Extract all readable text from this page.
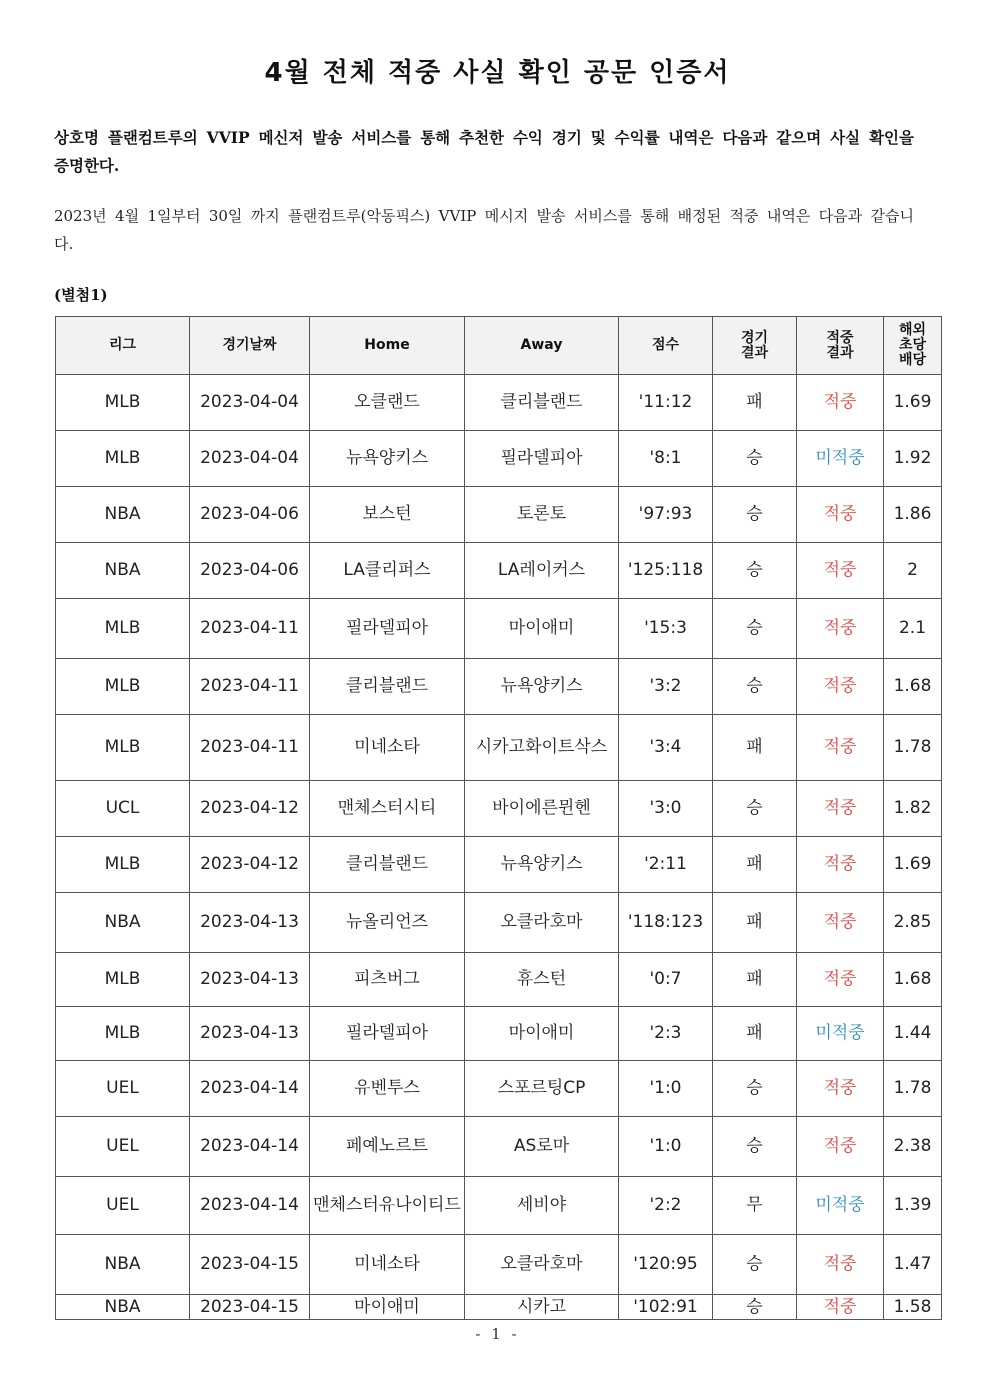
4월 전체 적중 사실 확인 공문 인증서
상호명 플랜컴트루의 VVIP 메신저 발송 서비스를 통해 추천한 수익 경기 및 수익률 내역은 다음과 같으며 사실 확인을 증명한다.
2023년 4월 1일부터 30일 까지 플랜컴트루(악동픽스) VVIP 메시지 발송 서비스를 통해 배정된 적중 내역은 다음과 같습니다.
(별첨1)
리그	경기날짜	Home	Away	점수	경기 결과	적중 결과	해외 초당 배당
MLB	2023-04-04	오클랜드	클리블랜드	'11:12	패	적중	1.69
MLB	2023-04-04	뉴욕양키스	필라델피아	'8:1	승	미적중	1.92
NBA	2023-04-06	보스턴	토론토	'97:93	승	적중	1.86
NBA	2023-04-06	LA클리퍼스	LA레이커스	'125:118	승	적중	2
MLB	2023-04-11	필라델피아	마이애미	'15:3	승	적중	2.1
MLB	2023-04-11	클리블랜드	뉴욕양키스	'3:2	승	적중	1.68
MLB	2023-04-11	미네소타	시카고화이트삭스	'3:4	패	적중	1.78
UCL	2023-04-12	맨체스터시티	바이에른뮌헨	'3:0	승	적중	1.82
MLB	2023-04-12	클리블랜드	뉴욕양키스	'2:11	패	적중	1.69
NBA	2023-04-13	뉴올리언즈	오클라호마	'118:123	패	적중	2.85
MLB	2023-04-13	피츠버그	휴스턴	'0:7	패	적중	1.68
MLB	2023-04-13	필라델피아	마이애미	'2:3	패	미적중	1.44
UEL	2023-04-14	유벤투스	스포르팅CP	'1:0	승	적중	1.78
UEL	2023-04-14	페예노르트	AS로마	'1:0	승	적중	2.38
UEL	2023-04-14	맨체스터유나이티드	세비야	'2:2	무	미적중	1.39
NBA	2023-04-15	미네소타	오클라호마	'120:95	승	적중	1.47
NBA	2023-04-15	마이애미	시카고	'102:91	승	적중	1.58
- 1 -
